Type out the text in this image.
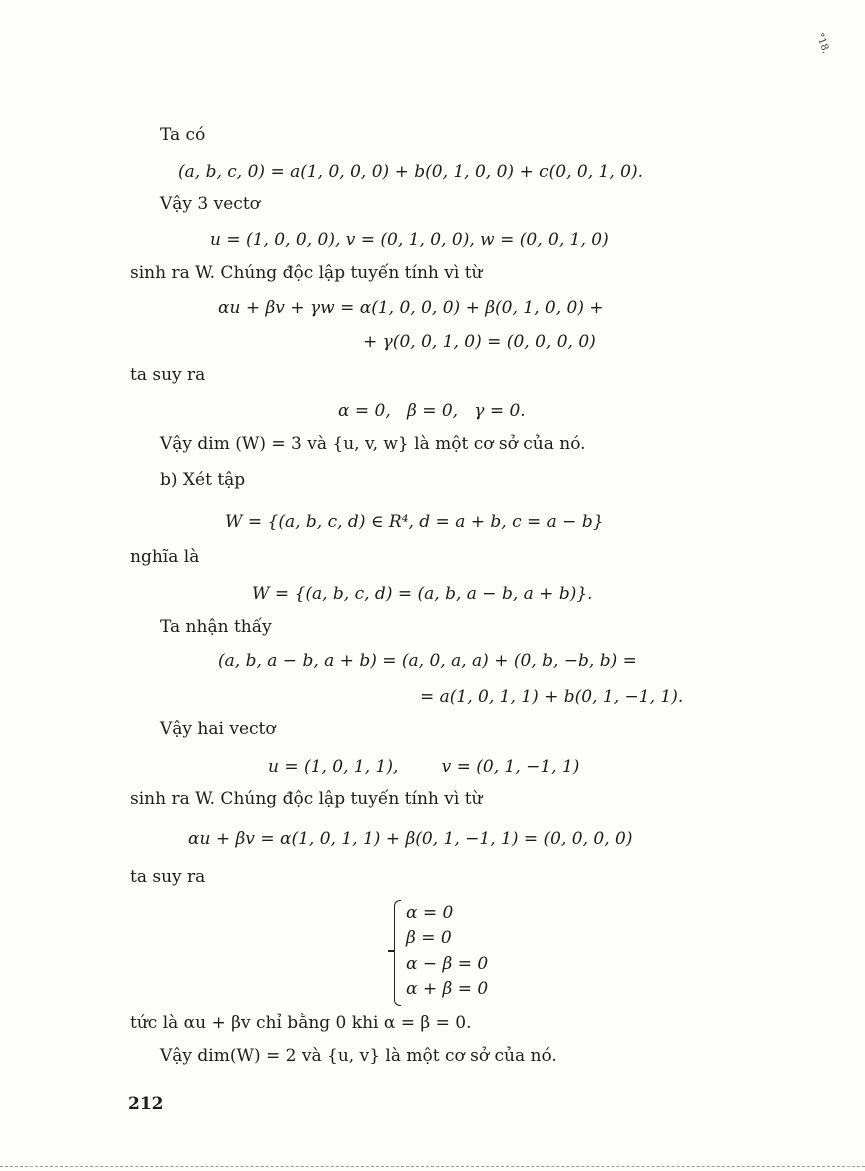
°18.
Ta có
(a, b, c, 0) = a(1, 0, 0, 0) + b(0, 1, 0, 0) + c(0, 0, 1, 0).
Vậy 3 vectơ
u = (1, 0, 0, 0), v = (0, 1, 0, 0), w = (0, 0, 1, 0)
sinh ra W. Chúng độc lập tuyến tính vì từ
αu + βv + γw = α(1, 0, 0, 0) + β(0, 1, 0, 0) +
+ γ(0, 0, 1, 0) = (0, 0, 0, 0)
ta suy ra
α = 0,   β = 0,   γ = 0.
Vậy dim (W) = 3 và {u, v, w} là một cơ sở của nó.
b) Xét tập
W = {(a, b, c, d) ∈ R⁴, d = a + b, c = a − b}
nghĩa là
W = {(a, b, c, d) = (a, b, a − b, a + b)}.
Ta nhận thấy
(a, b, a − b, a + b) = (a, 0, a, a) + (0, b, −b, b) =
= a(1, 0, 1, 1) + b(0, 1, −1, 1).
Vậy hai vectơ
u = (1, 0, 1, 1),        v = (0, 1, −1, 1)
sinh ra W. Chúng độc lập tuyến tính vì từ
αu + βv = α(1, 0, 1, 1) + β(0, 1, −1, 1) = (0, 0, 0, 0)
ta suy ra
α = 0
β = 0
α − β = 0
α + β = 0
tức là αu + βv chỉ bằng 0 khi α = β = 0.
Vậy dim(W) = 2 và {u, v} là một cơ sở của nó.
212
